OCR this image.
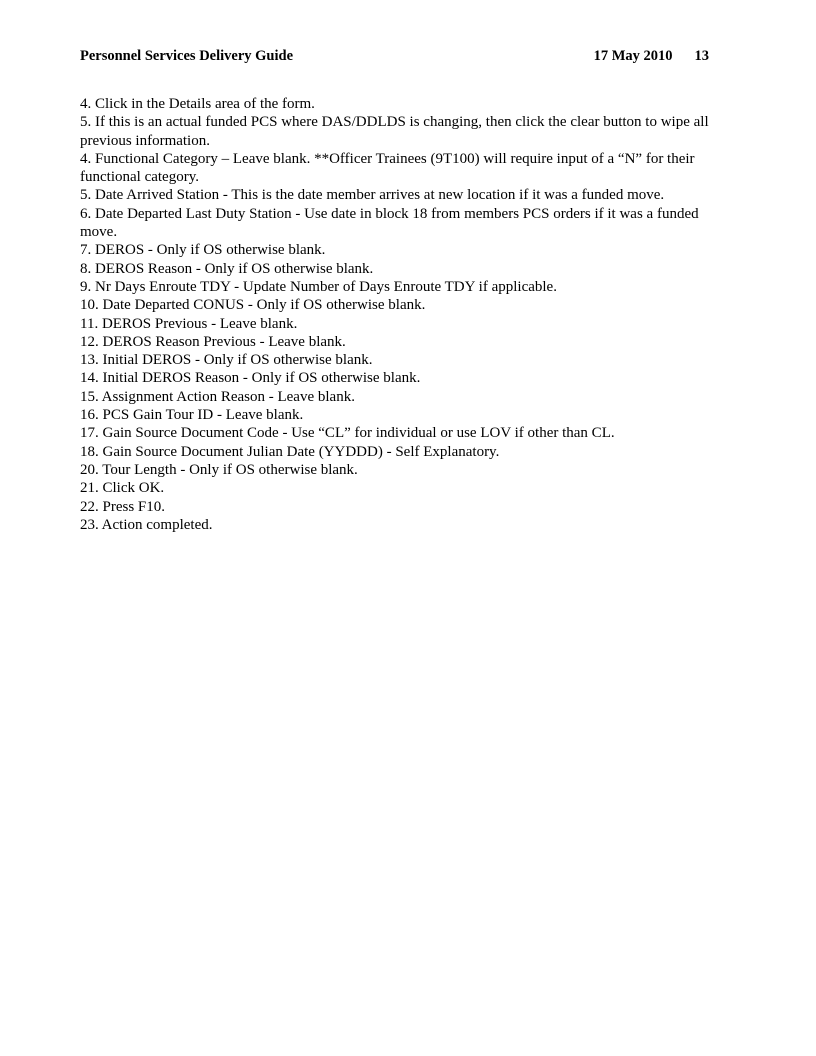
Personnel Services Delivery Guide	17 May 2010 13

4. Click in the Details area of the form.

5. If this is an actual funded PCS where DAS/DDLDS is changing, then click the clear button to wipe all previous information.

4. Functional Category – Leave blank. **Officer Trainees (9T100) will require input of a “N” for their functional category.

5. Date Arrived Station - This is the date member arrives at new location if it was a funded move.

6. Date Departed Last Duty Station - Use date in block 18 from members PCS orders if it was a funded move.

7. DEROS - Only if OS otherwise blank.

8. DEROS Reason - Only if OS otherwise blank.

9. Nr Days Enroute TDY - Update Number of Days Enroute TDY if applicable.

10. Date Departed CONUS - Only if OS otherwise blank.

11. DEROS Previous - Leave blank.

12. DEROS Reason Previous - Leave blank.

13. Initial DEROS - Only if OS otherwise blank.

14. Initial DEROS Reason - Only if OS otherwise blank.

15. Assignment Action Reason - Leave blank.

16. PCS Gain Tour ID - Leave blank.

17. Gain Source Document Code - Use “CL” for individual or use LOV if other than CL.

18. Gain Source Document Julian Date (YYDDD) - Self Explanatory.

20. Tour Length - Only if OS otherwise blank.

21. Click OK.

22. Press F10.

23. Action completed.
